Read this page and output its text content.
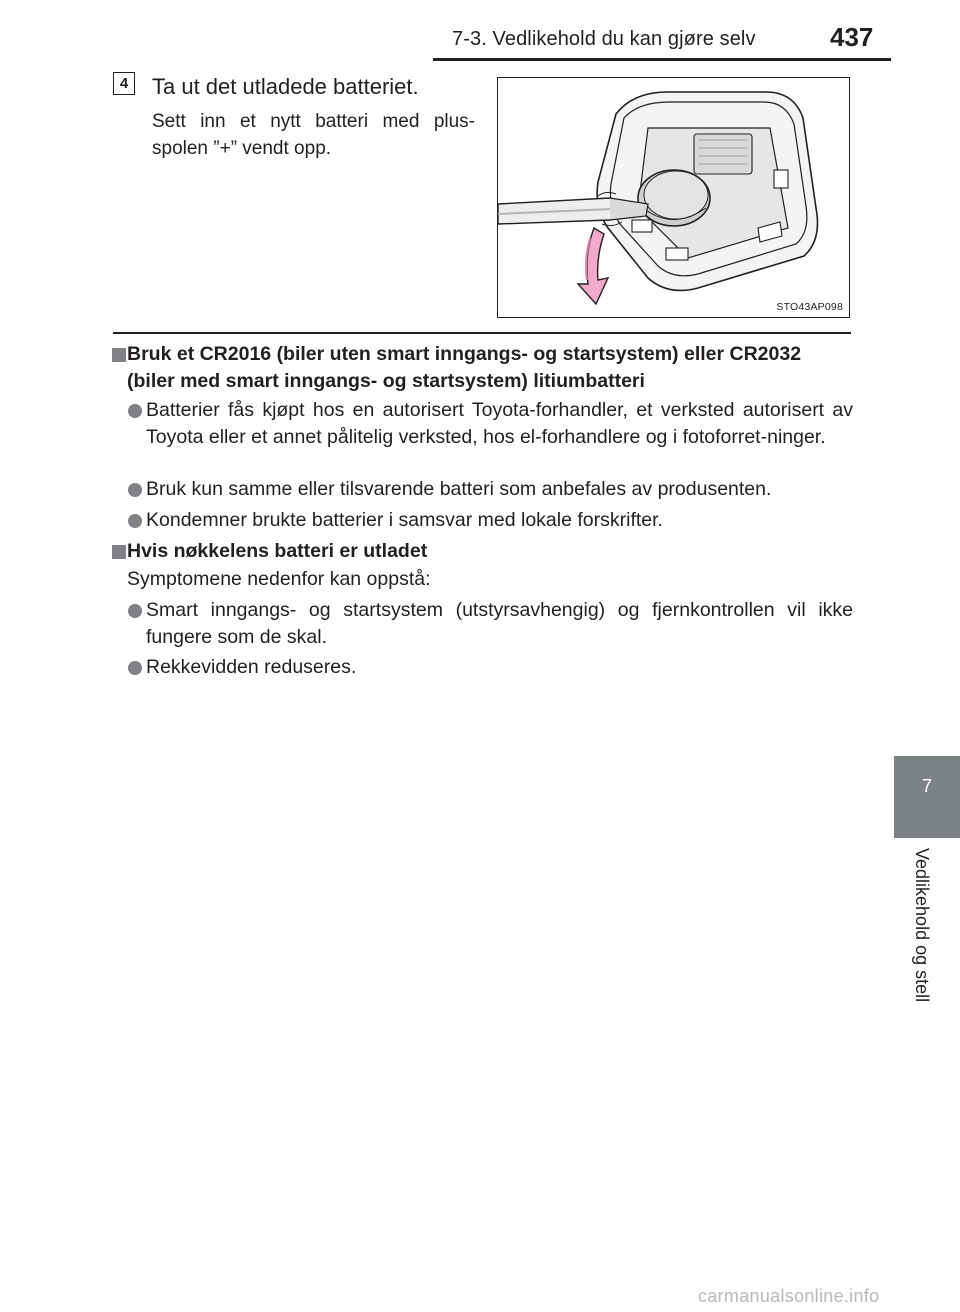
7-3. Vedlikehold du kan gjøre selv	437
4	Ta ut det utladede batteriet.
Sett inn et nytt batteri med plus-spolen ”+” vendt opp.
STO43AP098
Bruk et CR2016 (biler uten smart inngangs- og startsystem) eller CR2032
(biler med smart inngangs- og startsystem) litiumbatteri
Batterier fås kjøpt hos en autorisert Toyota-forhandler, et verksted autorisert av Toyota eller et annet pålitelig verksted, hos el-forhandlere og i fotoforret-ninger.
Bruk kun samme eller tilsvarende batteri som anbefales av produsenten.
Kondemner brukte batterier i samsvar med lokale forskrifter.
Hvis nøkkelens batteri er utladet
Symptomene nedenfor kan oppstå:
Smart inngangs- og startsystem (utstyrsavhengig) og fjernkontrollen vil ikke fungere som de skal.
Rekkevidden reduseres.
7
Vedlikehold og stell
carmanualsonline.info
